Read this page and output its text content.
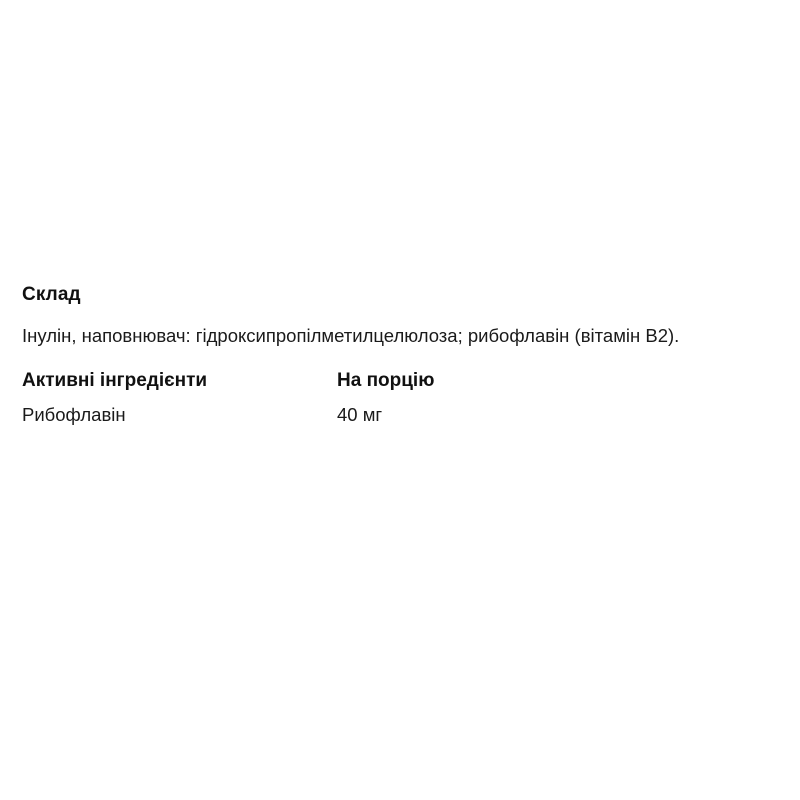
Склад

Інулін, наповнювач: гідроксипропілметилцелюлоза; рибофлавін (вітамін B2).

Активні інгредієнти	На порцію
Рибофлавін	40 мг
